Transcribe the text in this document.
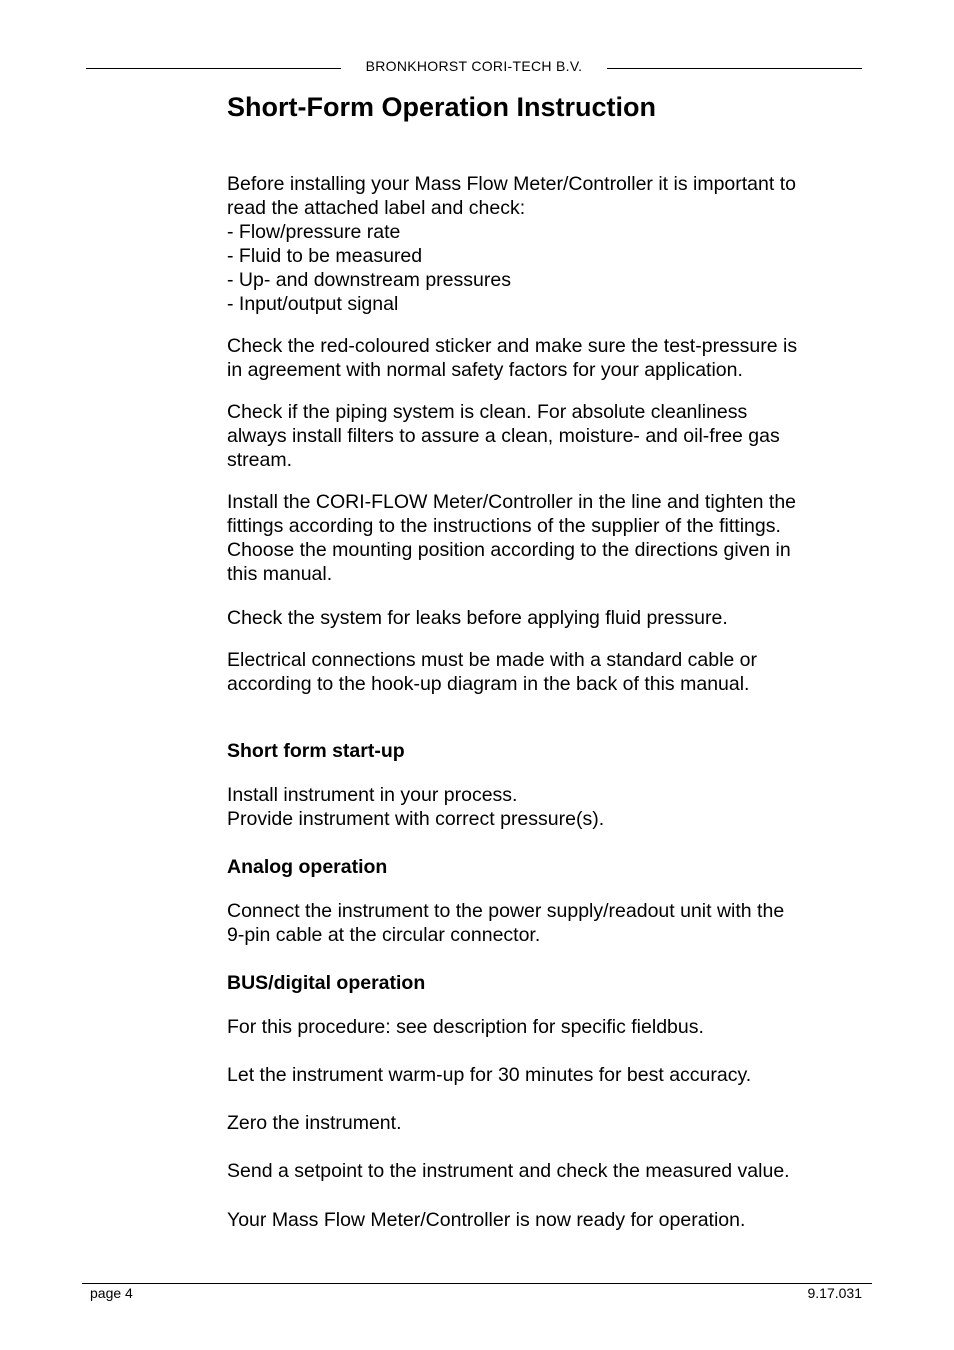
BRONKHORST CORI-TECH B.V.
Short-Form Operation Instruction

Before installing your Mass Flow Meter/Controller it is important to
read the attached label and check:
- Flow/pressure rate
- Fluid to be measured
- Up- and downstream pressures
- Input/output signal

Check the red-coloured sticker and make sure the test-pressure is
in agreement with normal safety factors for your application.

Check if the piping system is clean. For absolute cleanliness
always install filters to assure a clean, moisture- and oil-free gas
stream.

Install the CORI-FLOW Meter/Controller in the line and tighten the
fittings according to the instructions of the supplier of the fittings.
Choose the mounting position according to the directions given in
this manual.

Check the system for leaks before applying fluid pressure.

Electrical connections must be made with a standard cable or
according to the hook-up diagram in the back of this manual.

Short form start-up

Install instrument in your process.
Provide instrument with correct pressure(s).

Analog operation

Connect the instrument to the power supply/readout unit with the
9-pin cable at the circular connector.

BUS/digital operation

For this procedure: see description for specific fieldbus.

Let the instrument warm-up for 30 minutes for best accuracy.

Zero the instrument.

Send a setpoint to the instrument and check the measured value.

Your Mass Flow Meter/Controller is now ready for operation.

page 4	9.17.031
